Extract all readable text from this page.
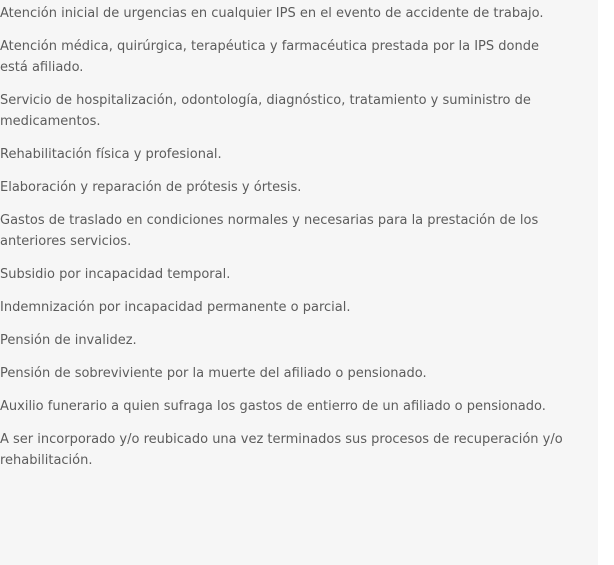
Atención inicial de urgencias en cualquier IPS en el evento de accidente de trabajo.
Atención médica, quirúrgica, terapéutica y farmacéutica prestada por la IPS donde está afiliado.
Servicio de hospitalización, odontología, diagnóstico, tratamiento y suministro de medicamentos.
Rehabilitación física y profesional.
Elaboración y reparación de prótesis y órtesis.
Gastos de traslado en condiciones normales y necesarias para la prestación de los anteriores servicios.
Subsidio por incapacidad temporal.
Indemnización por incapacidad permanente o parcial.
Pensión de invalidez.
Pensión de sobreviviente por la muerte del afiliado o pensionado.
Auxilio funerario a quien sufraga los gastos de entierro de un afiliado o pensionado.
A ser incorporado y/o reubicado una vez terminados sus procesos de recuperación y/o rehabilitación.
